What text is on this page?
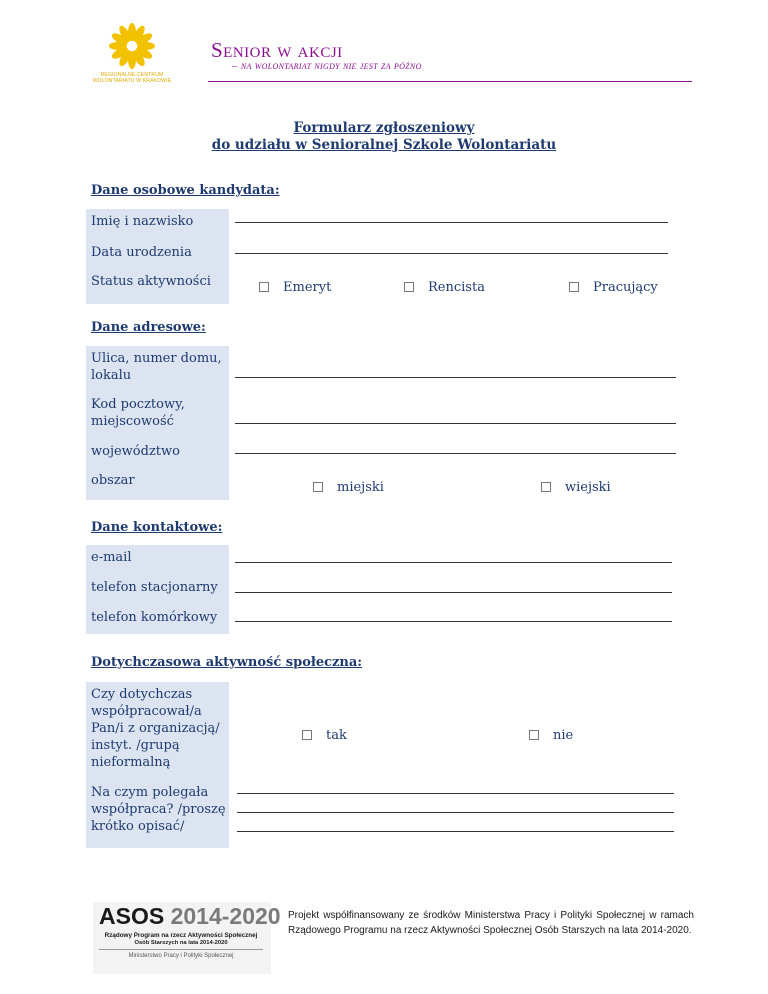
REGIONALNE CENTRUM
WOLONTARIATU W KRAKOWIE
Senior w akcji
– na wolontariat nigdy nie jest za późno
Formularz zgłoszeniowy
do udziału w Senioralnej Szkole Wolontariatu
Dane osobowe kandydata:
Imię i nazwisko
Data urodzenia
Status aktywności	Emeryt	Rencista	Pracujący
Dane adresowe:
Ulica, numer domu,
lokalu
Kod pocztowy,
miejscowość
województwo
obszar	miejski	wiejski
Dane kontaktowe:
e-mail
telefon stacjonarny
telefon komórkowy
Dotychczasowa aktywność społeczna:
Czy dotychczas
współpracował/a
Pan/i z organizacją/
instyt. /grupą
nieformalną
tak	nie
Na czym polegała
współpraca? /proszę
krótko opisać/
ASOS 2014-2020
Rządowy Program na rzecz Aktywności Społecznej
Osób Starszych na lata 2014-2020
Ministerstwo Pracy i Polityki Społecznej
Projekt współfinansowany ze środków Ministerstwa Pracy i Polityki Społecznej w ramach Rządowego Programu na rzecz Aktywności Społecznej Osób Starszych na lata 2014-2020.
